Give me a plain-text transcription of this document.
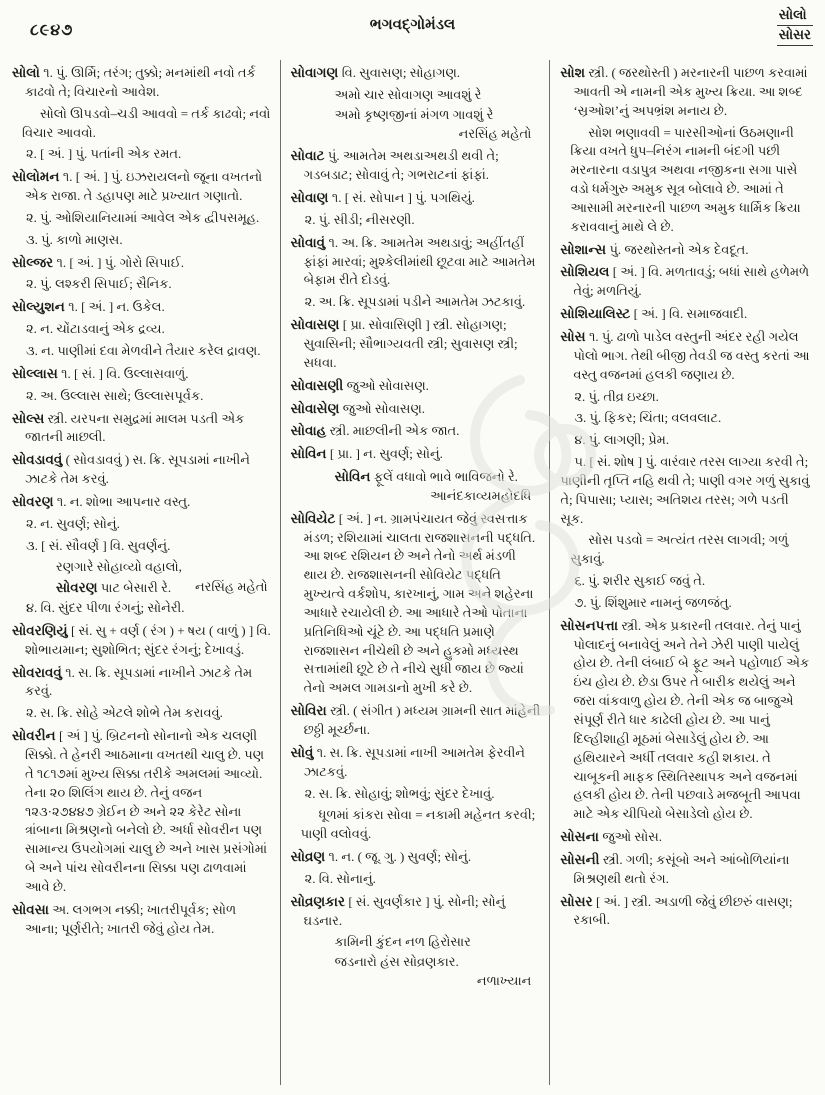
૮૯૪૭	ભગવદ્ગોમંડલ
સોલો
સોસર

સોલો ૧. પું. ઊર્મિ; તરંગ; તુક્કો; મનમાંથી નવો તર્ક કાઢવો તે; વિચારનો આવેશ.

સોલો ઊપડવો–ચડી આવવો = તર્ક કાઢવો; નવો વિચાર આવવો.

૨. [ અં. ] પું. પતાંની એક રમત.

સોલોમન ૧. [ અં. ] પું. ઇઝરાયલનો જૂના વખતનો એક રાજા. તે ડહાપણ માટે પ્રખ્યાત ગણાતો.

૨. પું. ઓશિયાનિયામાં આવેલ એક દ્વીપસમૂહ.

૩. પું. કાળો માણસ.

સોલ્જર ૧. [ અં. ] પું. ગોરો સિપાઈ.

૨. પું. લશ્કરી સિપાઈ; સૈનિક.

સોલ્યુશન ૧. [ અં. ] ન. ઉકેલ.

૨. ન. ચોંટાડવાનું એક દ્રવ્ય.

૩. ન. પાણીમાં દવા મેળવીને તૈયાર કરેલ દ્રાવણ.

સોલ્લાસ ૧. [ સં. ] વિ. ઉલ્લાસવાળું.

૨. અ. ઉલ્લાસ સાથે; ઉલ્લાસપૂર્વક.

સોલ્સ સ્ત્રી. યરપના સમુદ્રમાં માલમ પડતી એક જાતની માછલી.

સોવડાવવું ( સોવડાવવું ) સ. ક્રિ. સૂપડામાં નાખીને ઝાટકે તેમ કરવું.

સોવરણ ૧. ન. શોભા આપનાર વસ્તુ.

૨. ન. સુવર્ણ; સોનું.

૩. [ સં. સૌવર્ણ ] વિ. સુવર્ણનું.

રણગારે સોહાવ્યો વહાલો,

નરસિંહ મહેતો
સોવરણ પાટ બેસારી રે.

૪. વિ. સુંદર પીળા રંગનું; સોનેરી.

સોવરણિયું [ સં. સુ + વર્ણ ( રંગ ) + ષય ( વાળું ) ] વિ. શોભાયમાન; સુશોભિત; સુંદર રંગનું; દેખાવડું.

સોવરાવવું ૧. સ. ક્રિ. સૂપડામાં નાખીને ઝાટકે તેમ કરવું.

૨. સ. ક્રિ. સોહે એટલે શોભે તેમ કરાવવું.

સોવરીન [ અં ] પું. બ્રિટનનો સોનાનો એક ચલણી સિક્કો. તે હેનરી આઠમાના વખતથી ચાલુ છે. પણ તે ૧૮૧૭માં મુખ્ય સિક્કા તરીકે અમલમાં આવ્યો. તેના ૨૦ શિલિંગ થાય છે. તેનું વજન ૧૨૩·૨૭૪૪૭ ગ્રેઈન છે અને ૨૨ કેરેટ સોના ત્રાંબાના મિશ્રણનો બનેલો છે. અર્ધા સોવરીન પણ સામાન્ય ઉપયોગમાં ચાલુ છે અને ખાસ પ્રસંગોમાં બે અને પાંચ સોવરીનના સિક્કા પણ ઢાળવામાં આવે છે.

સોવસા અ. લગભગ નક્કી; ખાતરીપૂર્વક; સોળ આના; પૂર્ણરીતે; ખાતરી જેવું હોય તેમ.

સોવાગણ વિ. સુવાસણ; સોહાગણ.

અમો ચાર સોવાગણ આવશું રે

અમો કૃષ્ણજીનાં મંગળ ગાવશું રે

નરસિંહ મહેતો

સોવાટ પું. આમતેમ અથડાઅથડી થવી તે; ગડબડાટ; સોવાવું તે; ગભરાટનાં ફાંફાં.

સોવાણ ૧. [ સં. સોપાન ] પું. પગથિયું.

૨. પું. સીડી; નીસરણી.

સોવાવું ૧. અ. ક્રિ. આમતેમ અથડાવું; અહીંતહીં ફાંફાં મારવાં; મુશ્કેલીમાંથી છૂટવા માટે આમતેમ બેફામ રીતે દોડવું.

૨. અ. ક્રિ. સૂપડામાં પડીને આમતેમ ઝટકાવું.

સોવાસણ [ પ્રા. સોવાસિણી ] સ્ત્રી. સોહાગણ; સુવાસિની; સૌભાગ્યવતી સ્ત્રી; સુવાસણ સ્ત્રી; સધવા.

સોવાસણી જુઓ સોવાસણ.

સોવાસેણ જુઓ સોવાસણ.

સોવાહ સ્ત્રી. માછલીની એક જાત.

સોવિન [ પ્રા. ] ન. સુવર્ણ; સોનું.

સોવિન ફૂલેં વધાવો ભાવે ભાવિજનો રે.

આનંદકાવ્યમહોદધિ

સોવિયેટ [ અં. ] ન. ગ્રામપંચાયત જેવું સ્વસત્તાક મંડળ; રશિયામાં ચાલતા રાજશાસનની પદ્ધતિ. આ શબ્દ રશિયન છે અને તેનો અર્થ મંડળી થાય છે. રાજશાસનની સોવિયેટ પદ્ધતિ મુખ્યત્વે વર્કશોપ, કારખાનું, ગામ અને શહેરના આધારે રચાયેલી છે. આ આધારે તેઓ પોતાના પ્રતિનિધિઓ ચૂંટે છે. આ પદ્ધતિ પ્રમાણે રાજશાસન નીચેથી છે અને હુકમો મધ્યસ્થ સત્તામાંથી છૂટે છે તે નીચે સુધી જાય છે જ્યાં તેનો અમલ ગામડાનો મુખી કરે છે.

સોવિરા સ્ત્રી. ( સંગીત ) મધ્યમ ગ્રામની સાત માંહેની છઠ્ઠી મૂર્ચ્છના.

સોવું ૧. સ. ક્રિ. સૂપડામાં નાખી આમતેમ ફેરવીને ઝાટકવું.

૨. સ. ક્રિ. સોહાવું; શોભવું; સુંદર દેખાવું.

ધૂળમાં કાંકરા સોવા = નકામી મહેનત કરવી; પાણી વલોવવું.

સોવ્રણ ૧. ન. ( જૂ. ગુ. ) સુવર્ણ; સોનું.

૨. વિ. સોનાનું.

સોવ્રણકાર [ સં. સુવર્ણકાર ] પું. સોની; સોનું ઘડનાર.

કામિની કુંદન નળ હિરોસાર

જડનારો હંસ સોવ્રણકાર.

નળાખ્યાન

સોશ સ્ત્રી. ( જરથોસ્તી ) મરનારની પાછળ કરવામાં આવતી એ નામની એક મુખ્ય ક્રિયા. આ શબ્દ ‘સ્રઓશ’નું અપભ્રંશ મનાય છે.

સોશ ભણાવવી = પારસીઓનાં ઉઠમણાની ક્રિયા વખતે ધુપ–નિરંગ નામની બંદગી પછી મરનારના વડાપુત્ર અથવા નજીકના સગા પાસે વડો ધર્મગુરુ અમુક સૂત્ર બોલાવે છે. આમાં તે આસામી મરનારની પાછળ અમુક ધાર્મિક ક્રિયા કરાવવાનું માથે લે છે.

સોશાન્સ પું. જરથોસ્તનો એક દેવદૂત.

સોશિયલ [ અં. ] વિ. મળતાવડું; બધાં સાથે હળેમળે તેવું; મળતિયું.

સોશિયાલિસ્ટ [ અં. ] વિ. સમાજવાદી.

સોસ ૧. પું. ઢાળો પાડેલ વસ્તુની અંદર રહી ગયેલ પોલો ભાગ. તેથી બીજી તેવડી જ વસ્તુ કરતાં આ વસ્તુ વજનમાં હલકી જણાય છે.

૨. પું. તીવ્ર ઇચ્છા.

૩. પું. ફિકર; ચિંતા; વલવલાટ.

૪. પું. લાગણી; પ્રેમ.

૫. [ સં. શોષ ] પું. વારંવાર તરસ લાગ્યા કરવી તે; પાણીની તૃપ્તિ નહિ થવી તે; પાણી વગર ગળું સુકાવું તે; પિપાસા; પ્યાસ; અતિશય તરસ; ગળે પડતી સૂક.

સોસ પડવો = અત્યંત તરસ લાગવી; ગળું સુકાવું.

૬. પું. શરીર સુકાઈ જવું તે.

૭. પું. શિંશુમાર નામનું જળજંતુ.

સોસનપત્તા સ્ત્રી. એક પ્રકારની તલવાર. તેનું પાનું પોલાદનું બનાવેલું અને તેને ઝેરી પાણી પાયેલું હોય છે. તેની લંબાઈ બે ફૂટ અને પહોળાઈ એક ઇંચ હોય છે. છેડા ઉપર તે બારીક થયેલું અને જરા વાંકવાળુ હોય છે. તેની એક જ બાજુએ સંપૂર્ણ રીતે ધાર કાઢેલી હોય છે. આ પાનું દિલ્હીશાહી મૂઠમાં બેસાડેલું હોય છે. આ હથિયારને અર્ધી તલવાર કહી શકાય. તે ચાબૂકની માફક સ્થિતિસ્થાપક અને વજનમાં હલકી હોય છે. તેની પછવાડે મજબૂતી આપવા માટે એક ચીપિયો બેસાડેલો હોય છે.

સોસના જુઓ સોસ.

સોસની સ્ત્રી. ગળી; કસૂંબો અને આંબોળિયાંના મિશ્રણથી થતો રંગ.

સોસર [ અં. ] સ્ત્રી. અડાળી જેવું છીછરું વાસણ; રકાબી.
